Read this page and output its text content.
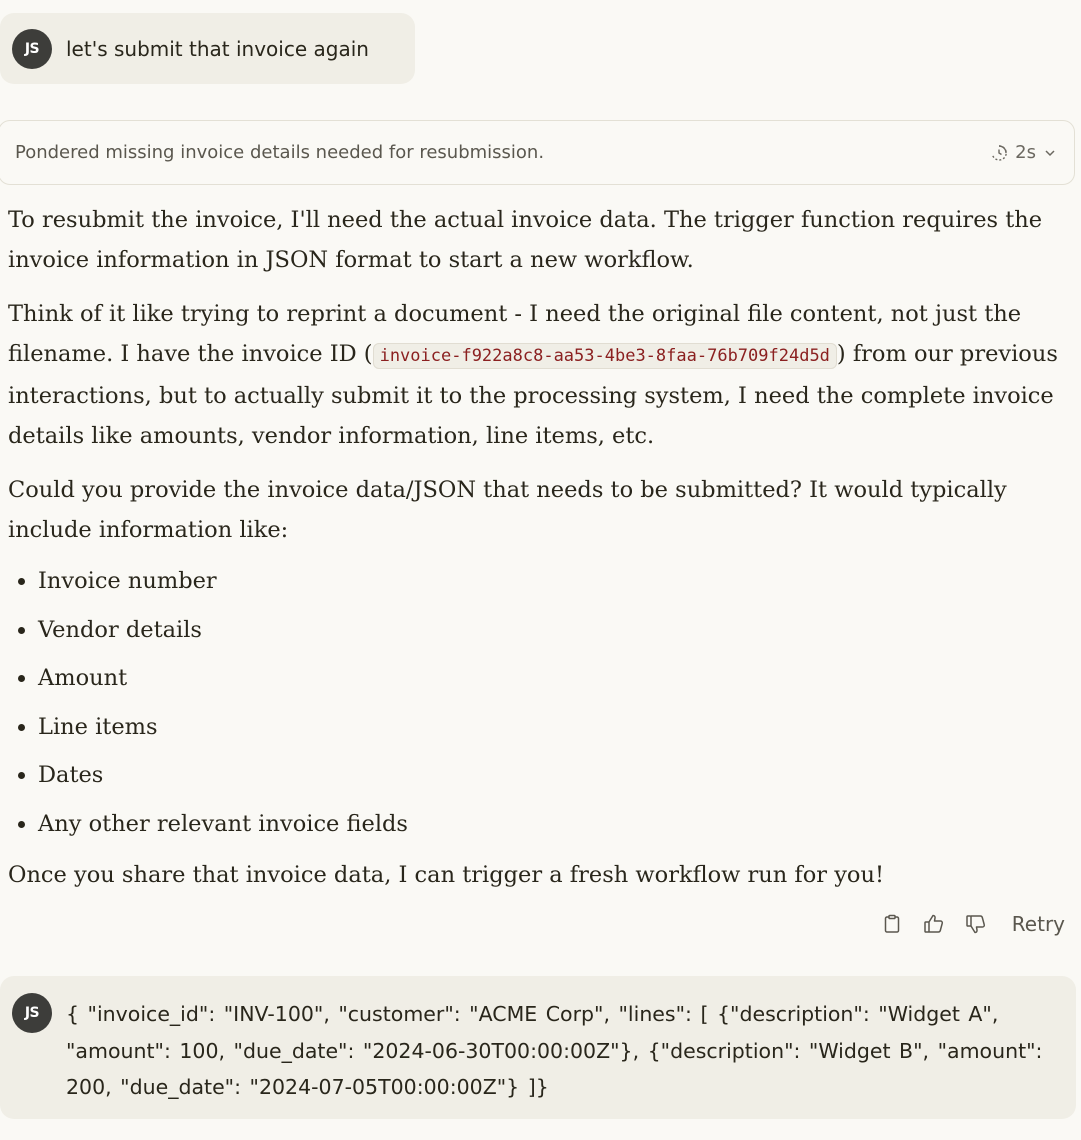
JS	let's submit that invoice again
Pondered missing invoice details needed for resubmission.	2s

To resubmit the invoice, I'll need the actual invoice data. The trigger function requires the invoice information in JSON format to start a new workflow.

Think of it like trying to reprint a document - I need the original file content, not just the filename. I have the invoice ID ( invoice-f922a8c8-aa53-4be3-8faa-76b709f24d5d ) from our previous interactions, but to actually submit it to the processing system, I need the complete invoice details like amounts, vendor information, line items, etc.

Could you provide the invoice data/JSON that needs to be submitted? It would typically include information like:

• Invoice number
• Vendor details
• Amount
• Line items
• Dates
• Any other relevant invoice fields

Once you share that invoice data, I can trigger a fresh workflow run for you!

Retry
JS	{ "invoice_id": "INV-100", "customer": "ACME Corp", "lines": [ {"description": "Widget A", "amount": 100, "due_date": "2024-06-30T00:00:00Z"}, {"description": "Widget B", "amount": 200, "due_date": "2024-07-05T00:00:00Z"} ]}
